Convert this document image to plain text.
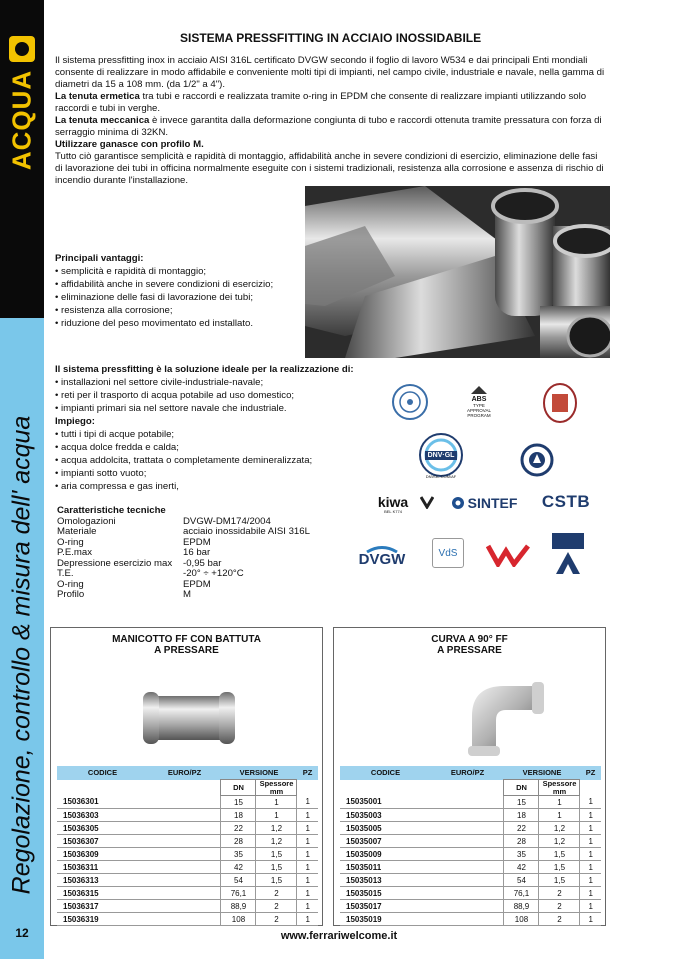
ACQUA
Regolazione, controllo & misura dell' acqua
12
SISTEMA PRESSFITTING IN ACCIAIO INOSSIDABILE

Il sistema pressfitting inox in acciaio AISI 316L certificato DVGW secondo il foglio di lavoro W534 e dai principali Enti mondiali consente di realizzare in modo affidabile e conveniente molti tipi di impianti, nel campo civile, industriale e navale, nella gamma di diametri da 15 a 108 mm. (da 1/2" a 4").

La tenuta ermetica tra tubi e raccordi e realizzata tramite o-ring in EPDM che consente di realizzare impianti utilizzando solo raccordi e tubi in verghe.

La tenuta meccanica è invece garantita dalla deformazione congiunta di tubo e raccordi ottenuta tramite pressatura con forza di serraggio minima di 32KN.

Utilizzare ganasce con profilo M.

Tutto ciò garantisce semplicità e rapidità di montaggio, affidabilità anche in severe condizioni di esercizio, eliminazione delle fasi di lavorazione dei tubi in officina normalmente eseguite con i sistemi tradizionali, resistenza alla corrosione e assenza di rischio di incendio durante l'installazione.

Principali vantaggi:
• semplicità e rapidità di montaggio;
• affidabilità anche in severe condizioni di esercizio;
• eliminazione delle fasi di lavorazione dei tubi;
• resistenza alla corrosione;
• riduzione del peso movimentato ed installato.
Il sistema pressfitting è la soluzione ideale per la realizzazione di:
• installazioni nel settore civile-industriale-navale;
• reti per il trasporto di acqua potabile ad uso domestico;
• impianti primari sia nel settore navale che industriale.
Impiego:
• tutti i tipi di acque potabile;
• acqua dolce fredda e calda;
• acqua addolcita, trattata o completamente demineralizzata;
• impianti sotto vuoto;
• aria compressa e gas inerti,
ABS
TYPE
APPROVAL
PROGRAM
DNV·GL
DNVGL.COM/AF
kiwa
BEL K774	SINTEF CSTB
DVGW	VdS
Caratteristiche tecniche
Omologazioni	DVGW-DM174/2004
Materiale	acciaio inossidabile AISI 316L
O-ring	EPDM
P.E.max	16 bar
Depressione esercizio max	-0,95 bar
T.E.	-20° ÷ +120°C
O-ring	EPDM
Profilo	M
MANICOTTO FF CON BATTUTA
A PRESSARE
CODICE	EURO/PZ	VERSIONE		PZ
		DN	Spessore mm	
15036301		15	1	1
15036303		18	1	1
15036305		22	1,2	1
15036307		28	1,2	1
15036309		35	1,5	1
15036311		42	1,5	1
15036313		54	1,5	1
15036315		76,1	2	1
15036317		88,9	2	1
15036319		108	2	1
CURVA A 90° FF
A PRESSARE
CODICE	EURO/PZ	VERSIONE		PZ
		DN	Spessore mm	
15035001		15	1	1
15035003		18	1	1
15035005		22	1,2	1
15035007		28	1,2	1
15035009		35	1,5	1
15035011		42	1,5	1
15035013		54	1,5	1
15035015		76,1	2	1
15035017		88,9	2	1
15035019		108	2	1
www.ferrariwelcome.it
